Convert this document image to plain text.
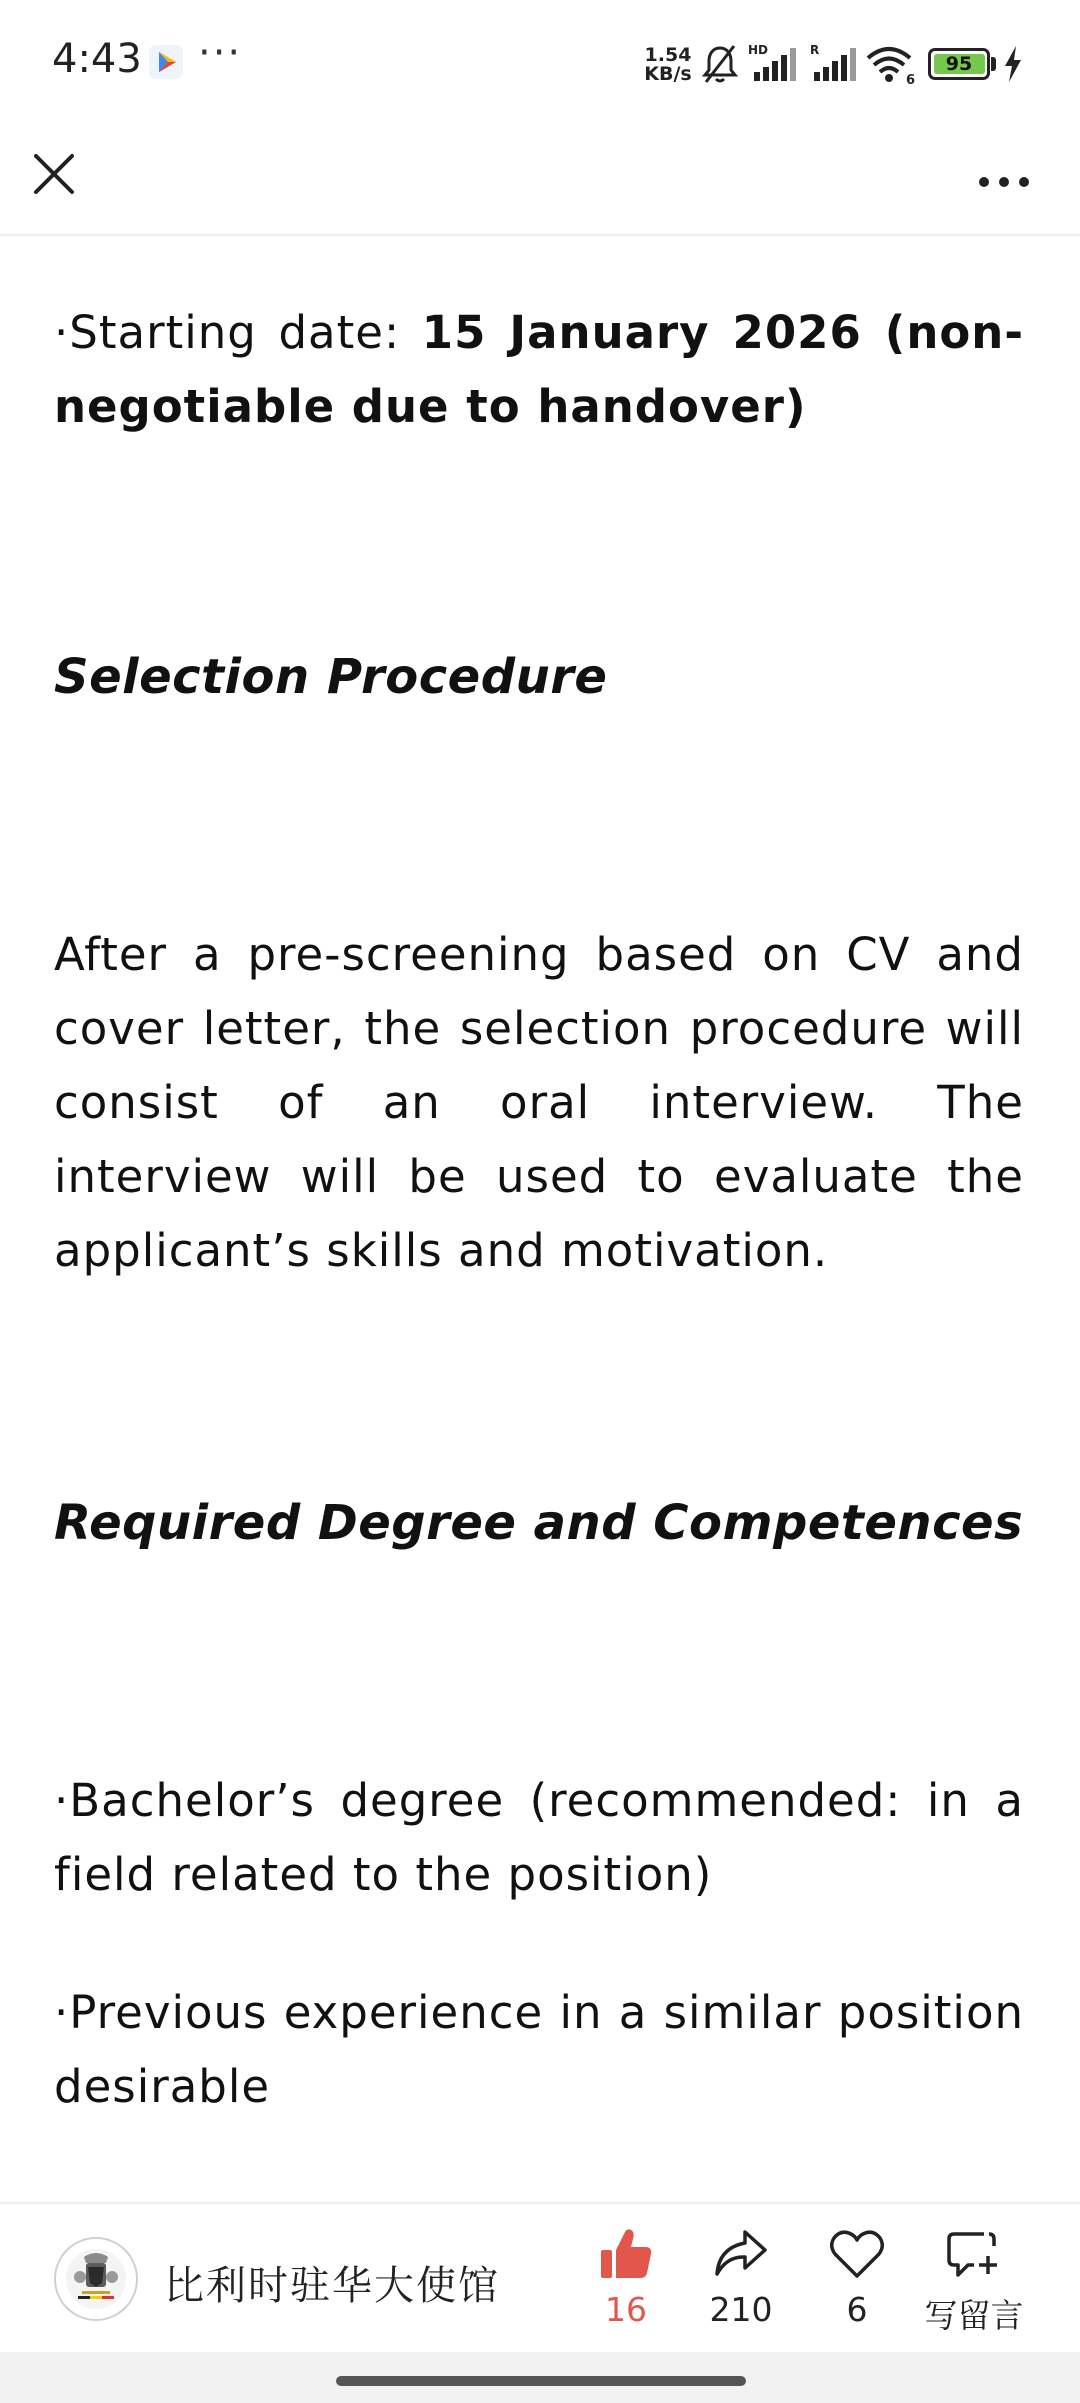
4:43 ···	1.54
KB/s
HD	R
6
95
·Starting date: 15 January 2026 (non-negotiable due to handover)
Selection Procedure
After a pre-screening based on CV and cover letter, the selection procedure will consist of an oral interview. The interview will be used to evaluate the applicant’s skills and motivation.
Required Degree and Competences
·Bachelor’s degree (recommended: in a field related to the position)
·Previous experience in a similar position desirable
比利时驻华大使馆
16	210	6	写留言
